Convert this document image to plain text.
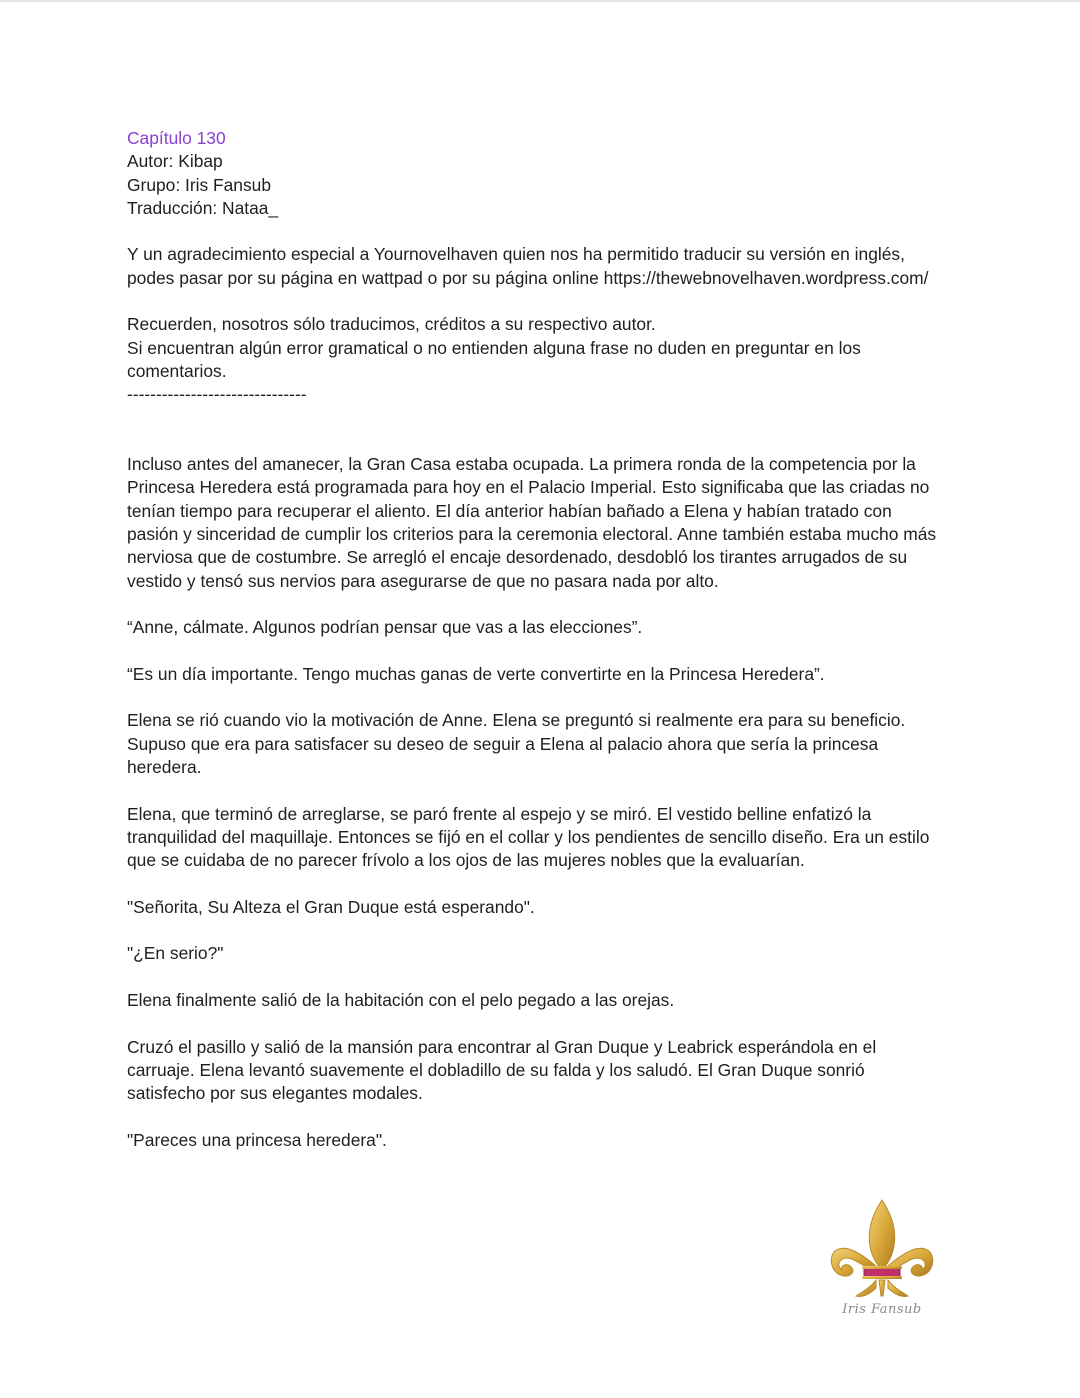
Capítulo 130
Autor: Kibap
Grupo: Iris Fansub
Traducción: Nataa_

Y un agradecimiento especial a Yournovelhaven quien nos ha permitido traducir su versión en inglés,
podes pasar por su página en wattpad o por su página online https://thewebnovelhaven.wordpress.com/

Recuerden, nosotros sólo traducimos, créditos a su respectivo autor.
Si encuentran algún error gramatical o no entienden alguna frase no duden en preguntar en los
comentarios.
-------------------------------

Incluso antes del amanecer, la Gran Casa estaba ocupada. La primera ronda de la competencia por la
Princesa Heredera está programada para hoy en el Palacio Imperial. Esto significaba que las criadas no
tenían tiempo para recuperar el aliento. El día anterior habían bañado a Elena y habían tratado con
pasión y sinceridad de cumplir los criterios para la ceremonia electoral. Anne también estaba mucho más
nerviosa que de costumbre. Se arregló el encaje desordenado, desdobló los tirantes arrugados de su
vestido y tensó sus nervios para asegurarse de que no pasara nada por alto.

“Anne, cálmate. Algunos podrían pensar que vas a las elecciones”.

“Es un día importante. Tengo muchas ganas de verte convertirte en la Princesa Heredera”.

Elena se rió cuando vio la motivación de Anne. Elena se preguntó si realmente era para su beneficio.
Supuso que era para satisfacer su deseo de seguir a Elena al palacio ahora que sería la princesa
heredera.

Elena, que terminó de arreglarse, se paró frente al espejo y se miró. El vestido belline enfatizó la
tranquilidad del maquillaje. Entonces se fijó en el collar y los pendientes de sencillo diseño. Era un estilo
que se cuidaba de no parecer frívolo a los ojos de las mujeres nobles que la evaluarían.

"Señorita, Su Alteza el Gran Duque está esperando".

"¿En serio?"

Elena finalmente salió de la habitación con el pelo pegado a las orejas.

Cruzó el pasillo y salió de la mansión para encontrar al Gran Duque y Leabrick esperándola en el
carruaje. Elena levantó suavemente el dobladillo de su falda y los saludó. El Gran Duque sonrió
satisfecho por sus elegantes modales.

"Pareces una princesa heredera".

Iris Fansub
